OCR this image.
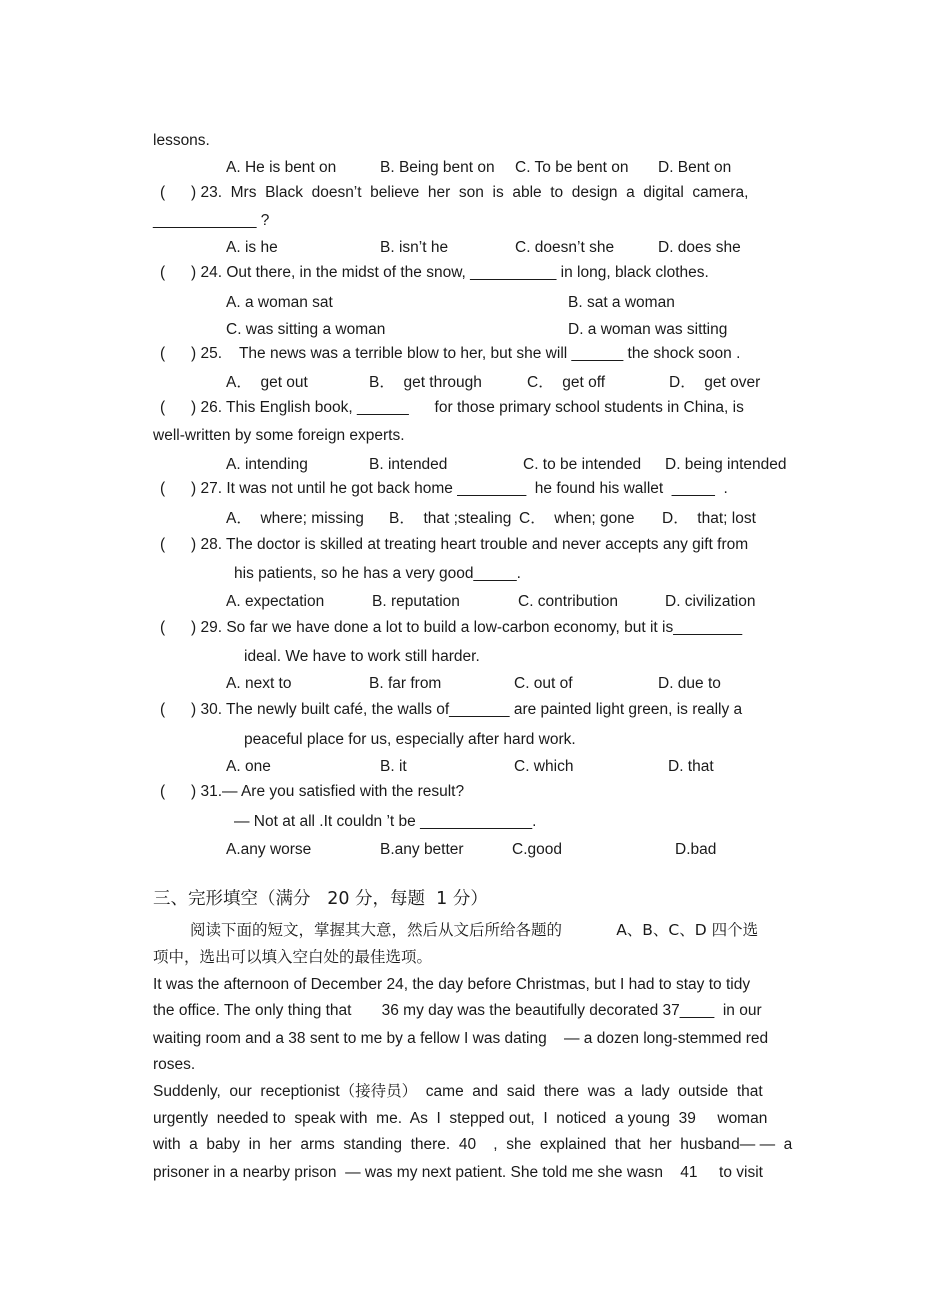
lessons.
A. He is bent on	B. Being bent on C. To be bent on D. Bent on
(      ) 23.  Mrs  Black  doesn’t  believe  her  son  is  able  to  design  a  digital  camera,
____________ ?
A. is he	B. isn’t he	C. doesn’t she	D. does she
(      ) 24. Out there, in the midst of the snow, __________ in long, black clothes.
A. a woman sat	B. sat a woman
C. was sitting a woman	D. a woman was sitting
(      ) 25.    The news was a terrible blow to her, but she will ______ the shock soon .
A．  get out	B．  get through	C．  get off	D．  get over
(      ) 26. This English book, ______      for those primary school students in China, is
well-written by some foreign experts.
A. intending	B. intended	C. to be intended D. being intended
(      ) 27. It was not until he got back home ________  he found his wallet  _____  .
A．  where; missing B．  that ;stealing C．  when; gone D．  that; lost
(      ) 28. The doctor is skilled at treating heart trouble and never accepts any gift from
his patients, so he has a very good_____.
A. expectation	B. reputation	C. contribution	D. civilization
(      ) 29. So far we have done a lot to build a low-carbon economy, but it is________
ideal. We have to work still harder.
A. next to	B. far from	C. out of	D. due to
(      ) 30. The newly built café, the walls of_______ are painted light green, is really a
peaceful place for us, especially after hard work.
A. one	B. it	C. which	D. that
(      ) 31.— Are you satisfied with the result?
— Not at all .It couldn ’t be _____________.
A.any worse	B.any better	C.good	D.bad
三、完形填空（满分   20 分，每题  1 分）
阅读下面的短文，掌握其大意，然后从文后所给各题的           A、B、C、D 四个选
项中，选出可以填入空白处的最佳选项。
It was the afternoon of December 24, the day before Christmas, but I had to stay to tidy
the office. The only thing that       36 my day was the beautifully decorated 37____  in our
waiting room and a 38 sent to me by a fellow I was dating    — a dozen long-stemmed red
roses.
Suddenly,  our  receptionist（接待员）  came  and  said  there  was  a  lady  outside  that
urgently  needed to  speak with  me.  As  I  stepped out,  I  noticed  a young  39     woman
with  a  baby  in  her  arms  standing  there.  40    ,  she  explained  that  her  husband— —  a
prisoner in a nearby prison  — was my next patient. She told me she wasn    41     to visit
